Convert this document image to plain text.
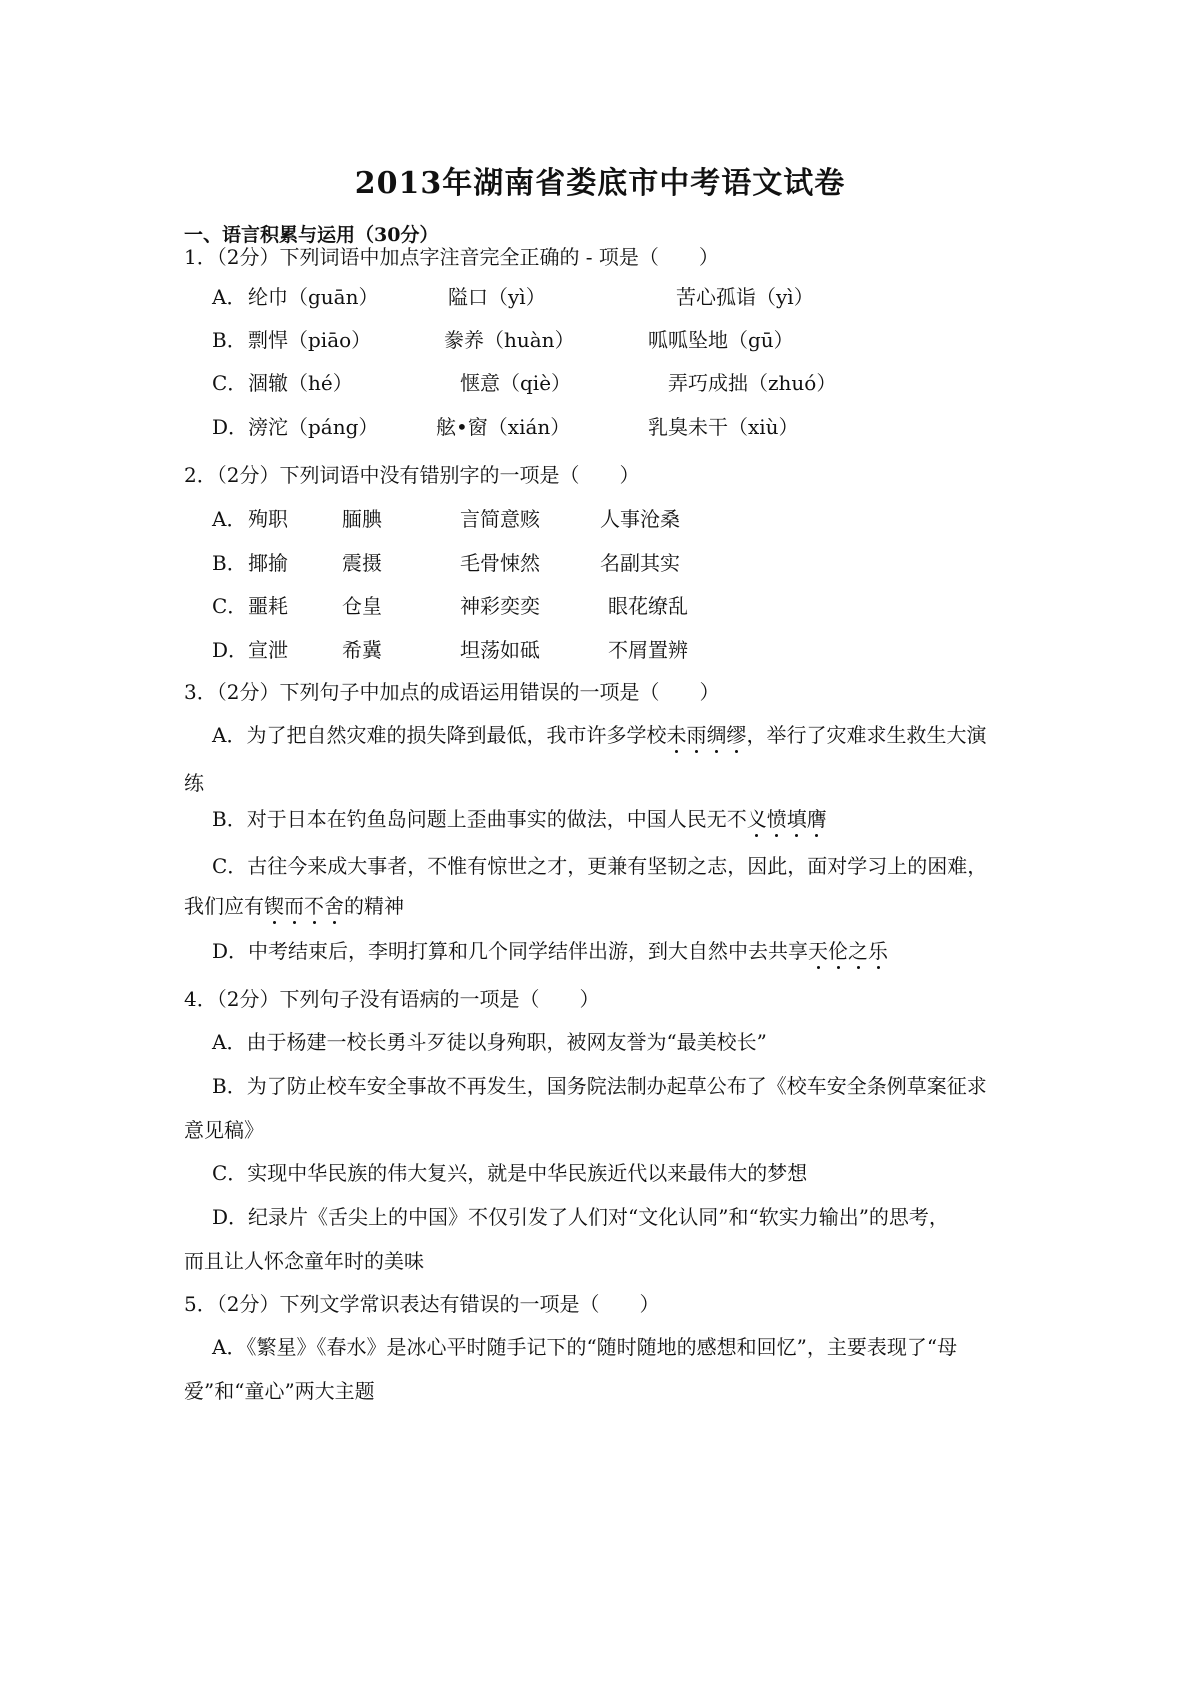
2013年湖南省娄底市中考语文试卷
一、语言积累与运用（30分）
1．（2分）下列词语中加点字注音完全正确的 - 项是（　　）
A． 纶巾（guān）	隘口（yì）	苦心孤诣（yì）
B． 剽悍（piāo）	豢养（huàn）	呱呱坠地（gū）
C． 涸辙（hé）	惬意（qiè）	弄巧成拙（zhuó）
D． 滂沱（páng）	舷•窗（xián）	乳臭未干（xiù）
2．（2分）下列词语中没有错别字的一项是（　　）
A． 殉职	腼腆	言简意赅	人事沧桑
B． 揶揄	震摄	毛骨悚然	名副其实
C． 噩耗	仓皇	神彩奕奕	眼花缭乱
D． 宣泄	希冀	坦荡如砥	不屑置辨
3．（2分）下列句子中加点的成语运用错误的一项是（　　）
A．为了把自然灾难的损失降到最低，我市许多学校未雨绸缪，举行了灾难求生救生大演
练
B．对于日本在钓鱼岛问题上歪曲事实的做法，中国人民无不义愤填膺
C．古往今来成大事者，不惟有惊世之才，更兼有坚韧之志，因此，面对学习上的困难，
我们应有锲而不舍的精神
D．中考结束后，李明打算和几个同学结伴出游，到大自然中去共享天伦之乐
4．（2分）下列句子没有语病的一项是（　　）
A．由于杨建一校长勇斗歹徒以身殉职，被网友誉为“最美校长”
B．为了防止校车安全事故不再发生，国务院法制办起草公布了《校车安全条例草案征求
意见稿》
C．实现中华民族的伟大复兴，就是中华民族近代以来最伟大的梦想
D．纪录片《舌尖上的中国》不仅引发了人们对“文化认同”和“软实力输出”的思考，
而且让人怀念童年时的美味
5．（2分）下列文学常识表达有错误的一项是（　　）
A．《繁星》《春水》是冰心平时随手记下的“随时随地的感想和回忆”，主要表现了“母
爱”和“童心”两大主题
